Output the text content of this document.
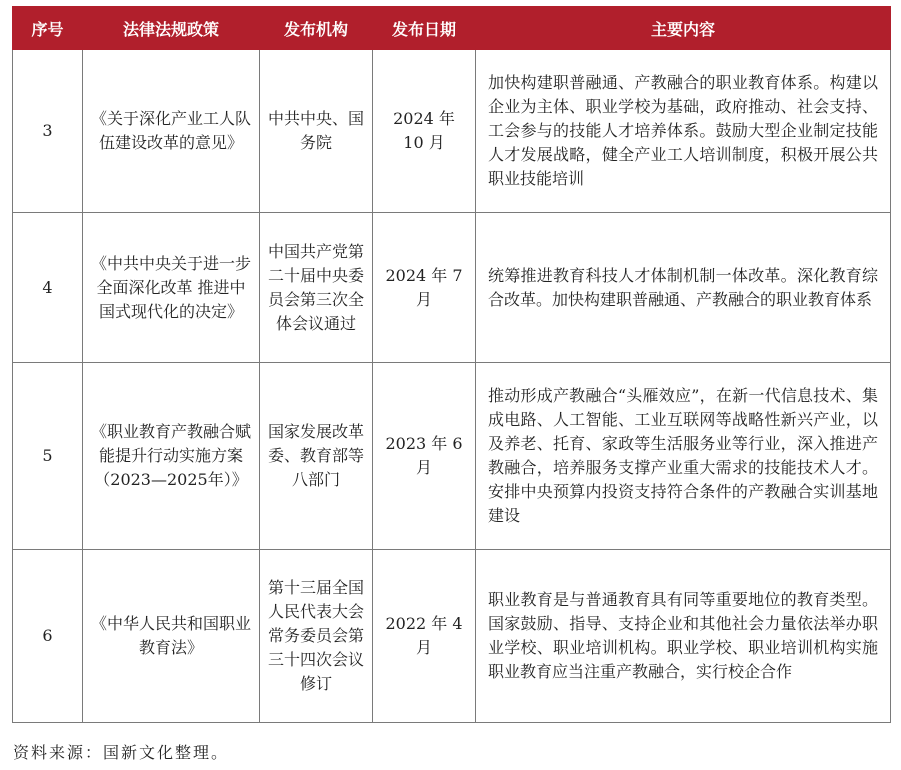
序号	法律法规政策	发布机构	发布日期	主要内容
3	《关于深化产业工人队伍建设改革的意见》	中共中央、国务院	2024 年 10 月	加快构建职普融通、产教融合的职业教育体系。构建以企业为主体、职业学校为基础，政府推动、社会支持、工会参与的技能人才培养体系。鼓励大型企业制定技能人才发展战略，健全产业工人培训制度，积极开展公共职业技能培训
4	《中共中央关于进一步全面深化改革 推进中国式现代化的决定》	中国共产党第二十届中央委员会第三次全体会议通过	2024 年 7 月	统筹推进教育科技人才体制机制一体改革。深化教育综合改革。加快构建职普融通、产教融合的职业教育体系
5	《职业教育产教融合赋能提升行动实施方案（2023—2025年）》	国家发展改革委、教育部等八部门	2023 年 6 月	推动形成产教融合“头雁效应”，在新一代信息技术、集成电路、人工智能、工业互联网等战略性新兴产业，以及养老、托育、家政等生活服务业等行业，深入推进产教融合，培养服务支撑产业重大需求的技能技术人才。安排中央预算内投资支持符合条件的产教融合实训基地建设
6	《中华人民共和国职业教育法》	第十三届全国人民代表大会常务委员会第三十四次会议修订	2022 年 4 月	职业教育是与普通教育具有同等重要地位的教育类型。国家鼓励、指导、支持企业和其他社会力量依法举办职业学校、职业培训机构。职业学校、职业培训机构实施职业教育应当注重产教融合，实行校企合作
资料来源：国新文化整理。
